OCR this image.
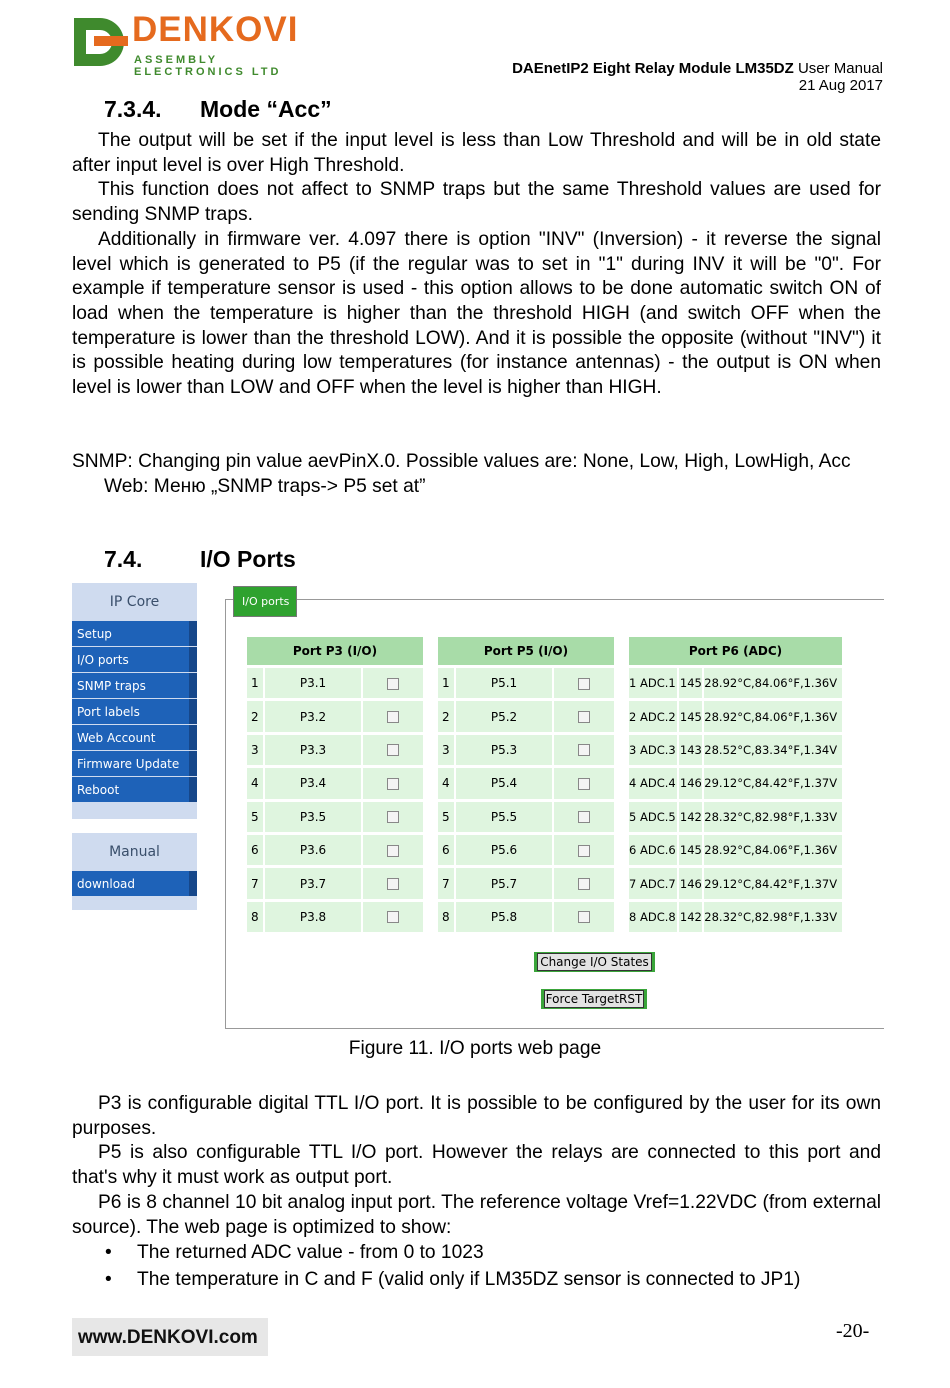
DENKOVI
ASSEMBLY ELECTRONICS LTD	DAEnetIP2 Eight Relay Module LM35DZ User Manual
21 Aug 2017
7.3.4. Mode “Acc”

The output will be set if the input level is less than Low Threshold and will be in old state after input level is over High Threshold.

This function does not affect to SNMP traps but the same Threshold values are used for sending SNMP traps.

Additionally in firmware ver. 4.097 there is option "INV" (Inversion) - it reverse the signal level which is generated to P5 (if the regular was to set in "1" during INV it will be "0". For example if temperature sensor is used - this option allows to be done automatic switch ON of load when the temperature is higher than the threshold HIGH (and switch OFF when the temperature is lower than the threshold LOW). And it is possible the opposite (without "INV") it is possible heating during low temperatures (for instance antennas) - the output is ON when level is lower than LOW and OFF when the level is higher than HIGH.

SNMP: Changing pin value aevPinX.0. Possible values are: None, Low, High, LowHigh, Acc
Web: Меню „SNMP traps-> P5 set at”
7.4.	I/O Ports
IP Core
Setup
I/O ports
SNMP traps
Port labels
Web Account
Firmware Update
Reboot
Manual
download
I/O ports
Port P3 (I/O)		
1	P3.1	
2	P3.2	
3	P3.3	
4	P3.4	
5	P3.5	
6	P3.6	
7	P3.7	
8	P3.8	
Port P5 (I/O)		
1	P5.1	
2	P5.2	
3	P5.3	
4	P5.4	
5	P5.5	
6	P5.6	
7	P5.7	
8	P5.8	
Port P6 (ADC)		
1 ADC.1	145	28.92°C,84.06°F,1.36V
2 ADC.2	145	28.92°C,84.06°F,1.36V
3 ADC.3	143	28.52°C,83.34°F,1.34V
4 ADC.4	146	29.12°C,84.42°F,1.37V
5 ADC.5	142	28.32°C,82.98°F,1.33V
6 ADC.6	145	28.92°C,84.06°F,1.36V
7 ADC.7	146	29.12°C,84.42°F,1.37V
8 ADC.8	142	28.32°C,82.98°F,1.33V
Change I/O States
Force TargetRST
Figure 11. I/O ports web page

P3 is configurable digital TTL I/O port. It is possible to be configured by the user for its own purposes.

P5 is also configurable TTL I/O port. However the relays are connected to this port and that's why it must work as output port.

P6 is 8 channel 10 bit analog input port. The reference voltage Vref=1.22VDC (from external source). The web page is optimized to show:

• The returned ADC value - from 0 to 1023
• The temperature in C and F (valid only if LM35DZ sensor is connected to JP1)
www.DENKOVI.com	-20-
